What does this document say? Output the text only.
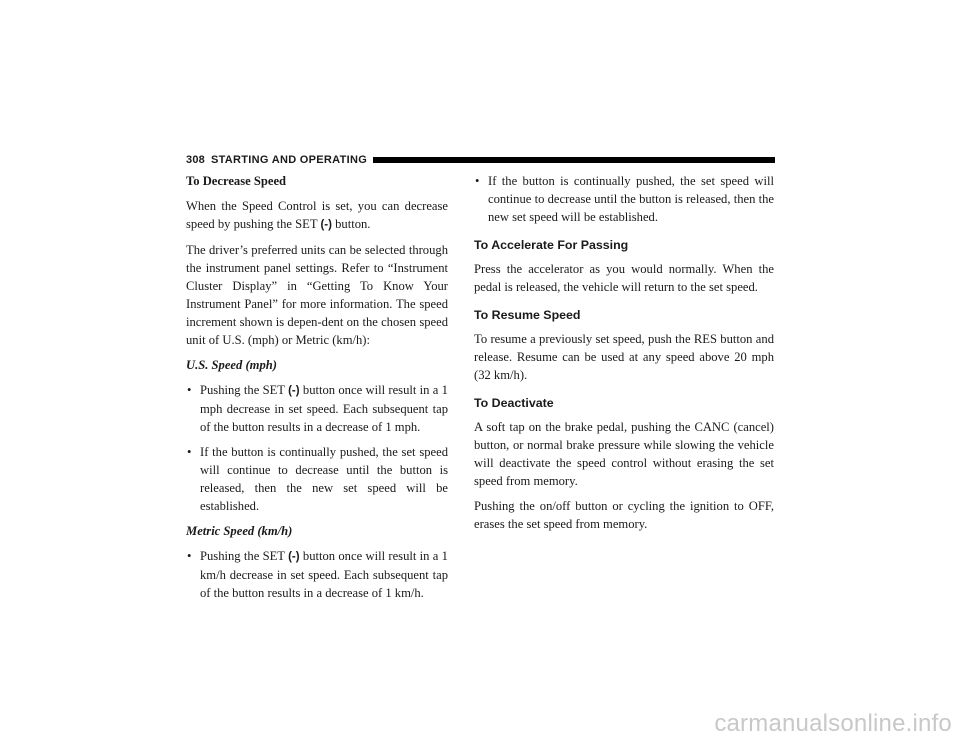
308 STARTING AND OPERATING
To Decrease Speed

When the Speed Control is set, you can decrease speed by pushing the SET (-) button.

The driver’s preferred units can be selected through the instrument panel settings. Refer to “Instrument Cluster Display” in “Getting To Know Your Instrument Panel” for more information. The speed increment shown is depen-dent on the chosen speed unit of U.S. (mph) or Metric (km/h):

U.S. Speed (mph)
• Pushing the SET (-) button once will result in a 1 mph decrease in set speed. Each subsequent tap of the button results in a decrease of 1 mph.
• If the button is continually pushed, the set speed will continue to decrease until the button is released, then the new set speed will be established.
Metric Speed (km/h)
• Pushing the SET (-) button once will result in a 1 km/h decrease in set speed. Each subsequent tap of the button results in a decrease of 1 km/h.
• If the button is continually pushed, the set speed will continue to decrease until the button is released, then the new set speed will be established.
To Accelerate For Passing

Press the accelerator as you would normally. When the pedal is released, the vehicle will return to the set speed.

To Resume Speed

To resume a previously set speed, push the RES button and release. Resume can be used at any speed above 20 mph (32 km/h).

To Deactivate

A soft tap on the brake pedal, pushing the CANC (cancel) button, or normal brake pressure while slowing the vehicle will deactivate the speed control without erasing the set speed from memory.

Pushing the on/off button or cycling the ignition to OFF, erases the set speed from memory.

carmanualsonline.info
